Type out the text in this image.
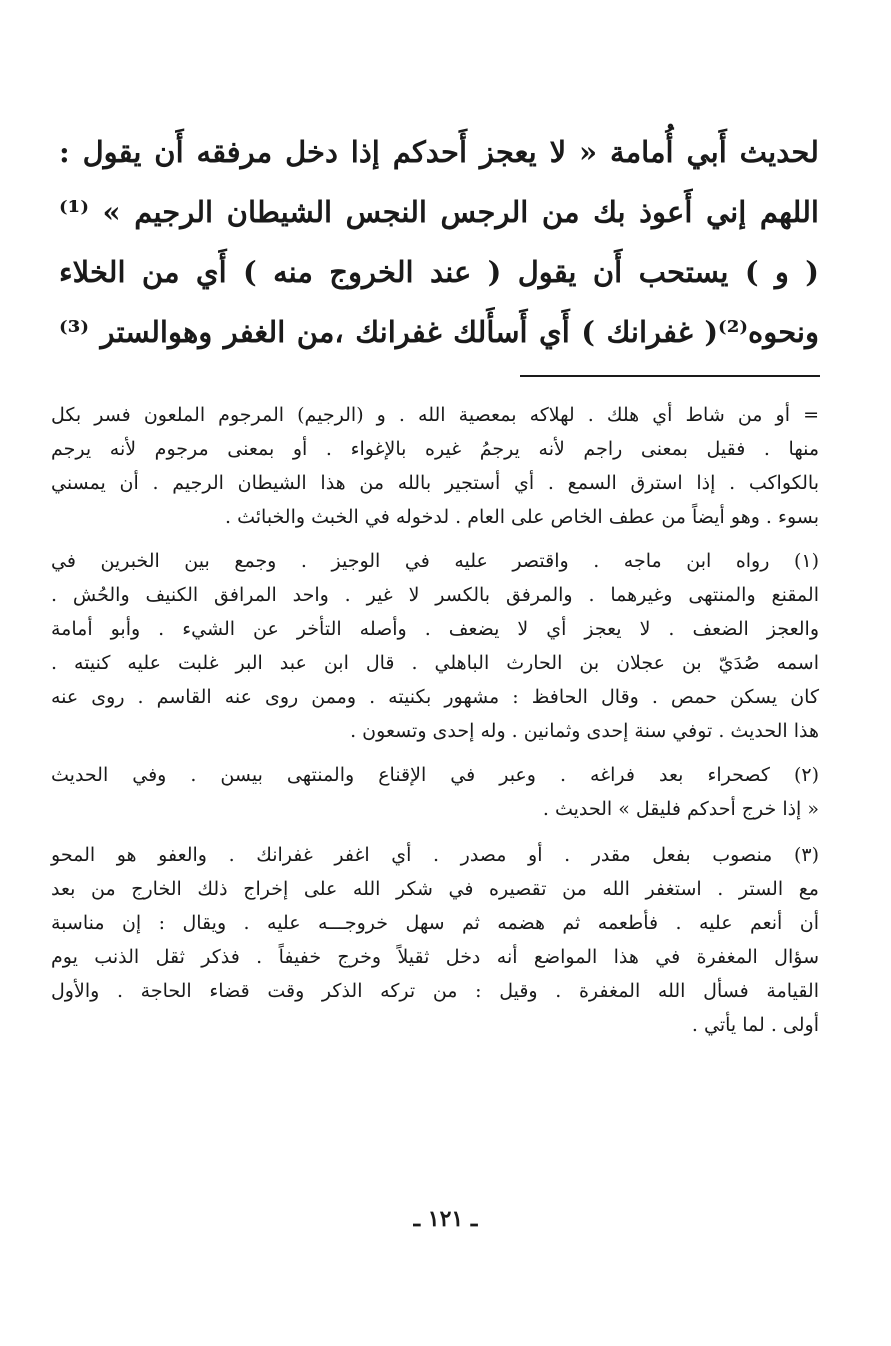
لحديث أَبي أُمامة « لا يعجز أَحدكم إذا دخل مرفقه أَن يقول :
اللهم إني أَعوذ بك من الرجس النجس الشيطان الرجيم » ⁽¹⁾
( و ) يستحب أَن يقول ( عند الخروج منه ) أَي من الخلاء
ونحوه⁽²⁾( غفرانك ) أَي أَسأَلك غفرانك ،من الغفر وهوالستر ⁽³⁾
= أو من شاط أي هلك . لهلاكه بمعصية الله . و (الرجيم) المرجوم الملعون فسر بكل
منها . فقيل بمعنى راجم لأنه يرجمُ غيره بالإغواء . أو بمعنى مرجوم لأنه يرجم
بالكواكب . إذا استرق السمع . أي أستجير بالله من هذا الشيطان الرجيم . أن يمسني
بسوء . وهو أيضاً من عطف الخاص على العام . لدخوله في الخبث والخبائث .
(١) رواه ابن ماجه . واقتصر عليه في الوجيز . وجمع بين الخبرين في
المقنع والمنتهى وغيرهما . والمرفق بالكسر لا غير . واحد المرافق الكنيف والحُش .
والعجز الضعف . لا يعجز أي لا يضعف . وأصله التأخر عن الشيء . وأبو أمامة
اسمه صُدَيّ بن عجلان بن الحارث الباهلي . قال ابن عبد البر غلبت عليه كنيته .
كان يسكن حمص . وقال الحافظ : مشهور بكنيته . وممن روى عنه القاسم . روى عنه
هذا الحديث . توفي سنة إحدى وثمانين . وله إحدى وتسعون .
(٢) كصحراء بعد فراغه . وعبر في الإقناع والمنتهى بيسن . وفي الحديث
« إذا خرج أحدكم فليقل » الحديث .
(٣) منصوب بفعل مقدر . أو مصدر . أي اغفر غفرانك . والعفو هو المحو
مع الستر . استغفر الله من تقصيره في شكر الله على إخراج ذلك الخارج من بعد
أن أنعم عليه . فأطعمه ثم هضمه ثم سهل خروجـــه عليه . ويقال : إن مناسبة
سؤال المغفرة في هذا المواضع أنه دخل ثقيلاً وخرج خفيفاً . فذكر ثقل الذنب يوم
القيامة فسأل الله المغفرة . وقيل : من تركه الذكر وقت قضاء الحاجة . والأول
أولى . لما يأتي .
ـ ١٢١ ـ
